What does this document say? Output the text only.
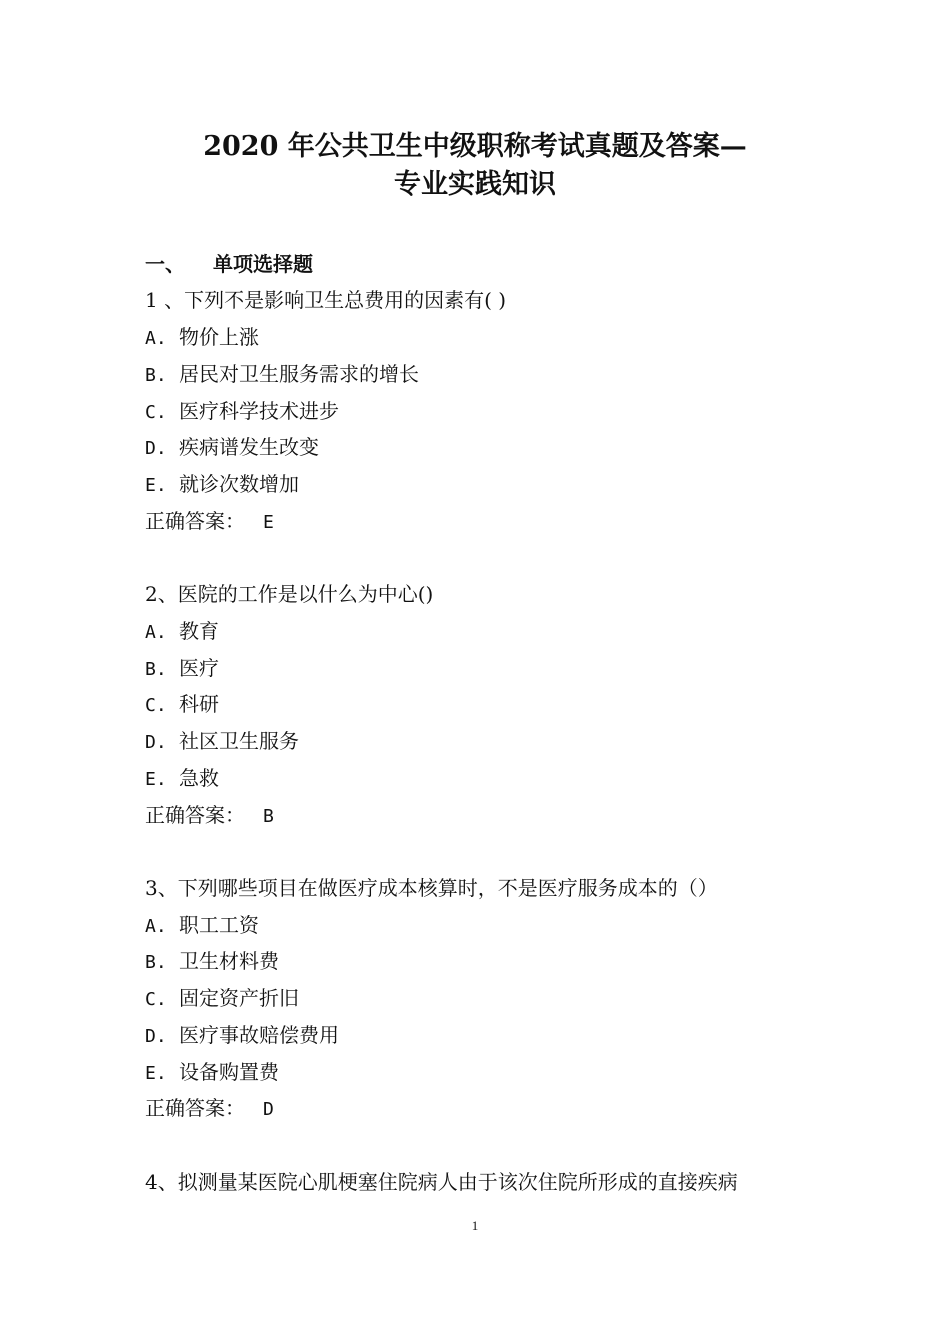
2020 年公共卫生中级职称考试真题及答案—
专业实践知识
一、 单项选择题
1 、下列不是影响卫生总费用的因素有( )
A. 物价上涨
B. 居民对卫生服务需求的增长
C. 医疗科学技术进步
D. 疾病谱发生改变
E. 就诊次数增加
正确答案： E
2、医院的工作是以什么为中心()
A. 教育
B. 医疗
C. 科研
D. 社区卫生服务
E. 急救
正确答案： B
3、下列哪些项目在做医疗成本核算时，不是医疗服务成本的（）
A. 职工工资
B. 卫生材料费
C. 固定资产折旧
D. 医疗事故赔偿费用
E. 设备购置费
正确答案： D
4、拟测量某医院心肌梗塞住院病人由于该次住院所形成的直接疾病
1
